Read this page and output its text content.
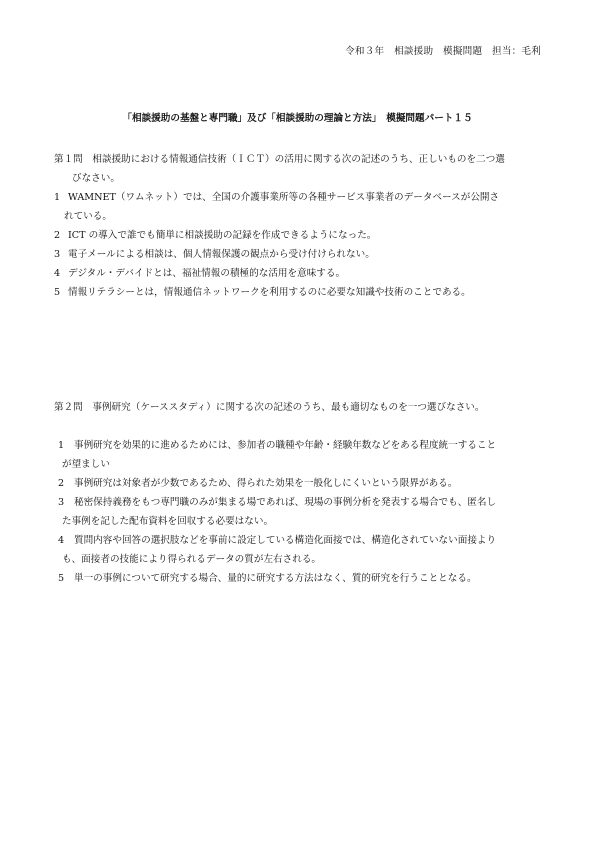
令和３年　相談援助　模擬問題　担当：毛利
「相談援助の基盤と専門職」及び「相談援助の理論と方法」　模擬問題パート１５
第１問　相談援助における情報通信技術（ＩＣＴ）の活用に関する次の記述のうち、正しいものを二つ選
びなさい。
1 WAMNET（ワムネット）では、全国の介護事業所等の各種サービス事業者のデータベースが公開さ
れている。
2 ICT の導入で誰でも簡単に相談援助の記録を作成できるようになった。
3 電子メールによる相談は、個人情報保護の観点から受け付けられない。
4 デジタル・デバイドとは、福祉情報の積極的な活用を意味する。
5 情報リテラシーとは，情報通信ネットワークを利用するのに必要な知識や技術のことである。
第２問　事例研究（ケーススタディ）に関する次の記述のうち、最も適切なものを一つ選びなさい。
1 事例研究を効果的に進めるためには、参加者の職種や年齢・経験年数などをある程度統一すること
が望ましい
2 事例研究は対象者が少数であるため、得られた効果を一般化しにくいという限界がある。
3 秘密保持義務をもつ専門職のみが集まる場であれば、現場の事例分析を発表する場合でも、匿名し
た事例を記した配布資料を回収する必要はない。
4 質問内容や回答の選択肢などを事前に設定している構造化面接では、構造化されていない面接より
も、面接者の技能により得られるデータの質が左右される。
5 単一の事例について研究する場合、量的に研究する方法はなく、質的研究を行うこととなる。
